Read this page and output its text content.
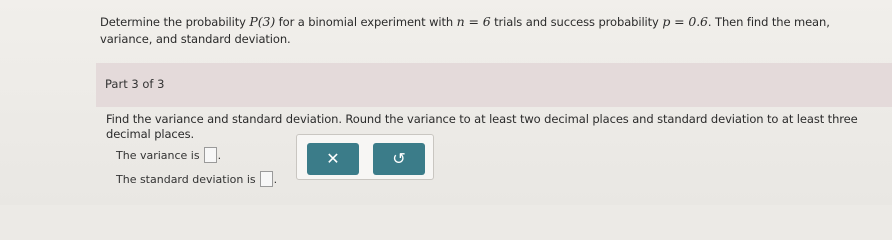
Determine the probability P(3) for a binomial experiment with n = 6 trials and success probability p = 0.6. Then find the mean, variance, and standard deviation.
Part 3 of 3
Find the variance and standard deviation. Round the variance to at least two decimal places and standard deviation to at least three decimal places.
The variance is .
The standard deviation is .
✕	↺
